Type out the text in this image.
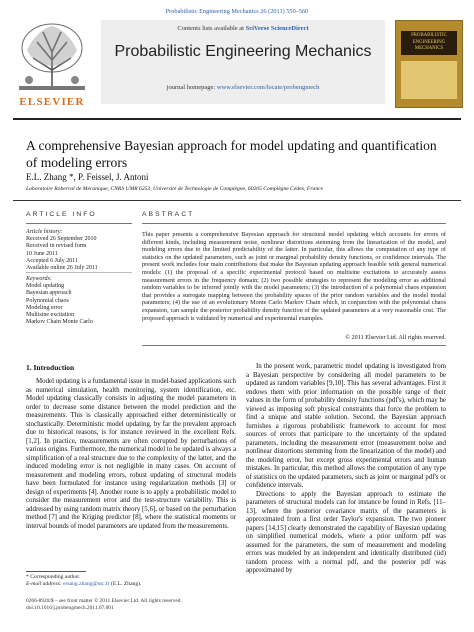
Probabilistic Engineering Mechanics 26 (2011) 550–560
ELSEVIER
Contents lists available at SciVerse ScienceDirect
Probabilistic Engineering Mechanics
journal homepage: www.elsevier.com/locate/probengmech
PROBABILISTIC ENGINEERING MECHANICS
A comprehensive Bayesian approach for model updating and quantification of modeling errors
E.L. Zhang *, P. Feissel, J. Antoni
Laboratoire Roberval de Mécanique, CNRS UMR 6253, Université de Technologie de Compiègne, 60205 Compiègne Cédex, France
ARTICLE INFO	ABSTRACT
Article history:
Received 26 September 2010
Received in revised form
10 June 2011
Accepted 6 July 2011
Available online 26 July 2011
Keywords:
Model updating
Bayesian approach
Polynomial chaos
Modeling error
Multisine excitation
Markov Chain Monte Carlo
This paper presents a comprehensive Bayesian approach for structural model updating which accounts for errors of different kinds, including measurement noise, nonlinear distortions stemming from the linearization of the model, and modeling errors due to the limited predictability of the latter. In particular, this allows the computation of any type of statistics on the updated parameters, such as joint or marginal probability density functions, or confidence intervals. The present work includes four main contributions that make the Bayesian updating approach feasible with general numerical models: (1) the proposal of a specific experimental protocol based on multisine excitations to accurately assess measurement errors in the frequency domain; (2) two possible strategies to represent the modeling error as additional random variables to be inferred jointly with the model parameters; (3) the introduction of a polynomial chaos expansion that provides a surrogate mapping between the probability spaces of the prior random variables and the model modal parameters; (4) the use of an evolutionary Monte Carlo Markov Chain which, in conjunction with the polynomial chaos expansion, can sample the posterior probability density function of the updated parameters at a very reasonable cost. The proposed approach is validated by numerical and experimental examples.
© 2011 Elsevier Ltd. All rights reserved.
1. Introduction

Model updating is a fundamental issue in model-based applications such as numerical simulation, health monitoring, system identification, etc. Model updating classically consists in adjusting the model parameters in order to decrease some distance between the model prediction and the measurements. This is classically approached either deterministically or stochastically. Deterministic model updating, by far the prevalent approach due to historical reasons, is for instance reviewed in the excellent Refs. [1,2]. In practice, measurements are often corrupted by perturbations of various origins. Furthermore, the numerical model to be updated is always a simplification of a real structure due to the complexity of the latter, and the induced modeling error is not negligible in many cases. On account of measurement and modeling errors, robust updating of structural models have been formulated for instance using regularization methods [3] or design of experiments [4]. Another route is to apply a probabilistic model to consider the measurement error and the test-structure variability. This is addressed by using random matrix theory [5,6], or based on the perturbation method [7] and the Kriging predictor [8], where the statistical moments or interval bounds of model parameters are updated from the measurements.

In the present work, parametric model updating is investigated from a Bayesian perspective by considering all model parameters to be updated as random variables [9,10]. This has several advantages. First it endows them with prior information on the possible range of their values in the form of probability density functions (pdf's), which may be viewed as imposing soft physical constraints that force the problem to find a unique and stable solution. Second, the Bayesian approach furnishes a rigorous probabilistic framework to account for most sources of errors that participate to the uncertainty of the updated parameters, including the measurement error (measurement noise and nonlinear distortions stemming from the linearization of the model) and the modeling error, but except gross experimental errors and human mistakes. In particular, this method allows the computation of any type of statistics on the updated parameters, such as joint or marginal pdf's or confidence intervals.

Directions to apply the Bayesian approach to estimate the parameters of structural models can for instance be found in Refs. [11–13], where the posterior covariance matrix of the parameters is approximated from a first order Taylor's expansion. The two pioneer papers [14,15] clearly demonstrated the capability of Bayesian updating on simplified numerical models, where a prior uniform pdf was assumed for the parameters, the sum of measurement and modeling errors was modeled by an independent and identically distributed (iid) random process with a normal pdf, and the posterior pdf was approximated by

* Corresponding author.
E-mail address: ersang.zhang@utc.fr (E.L. Zhang).
0266-8920/$ – see front matter © 2011 Elsevier Ltd. All rights reserved.
doi:10.1016/j.probengmech.2011.07.001
